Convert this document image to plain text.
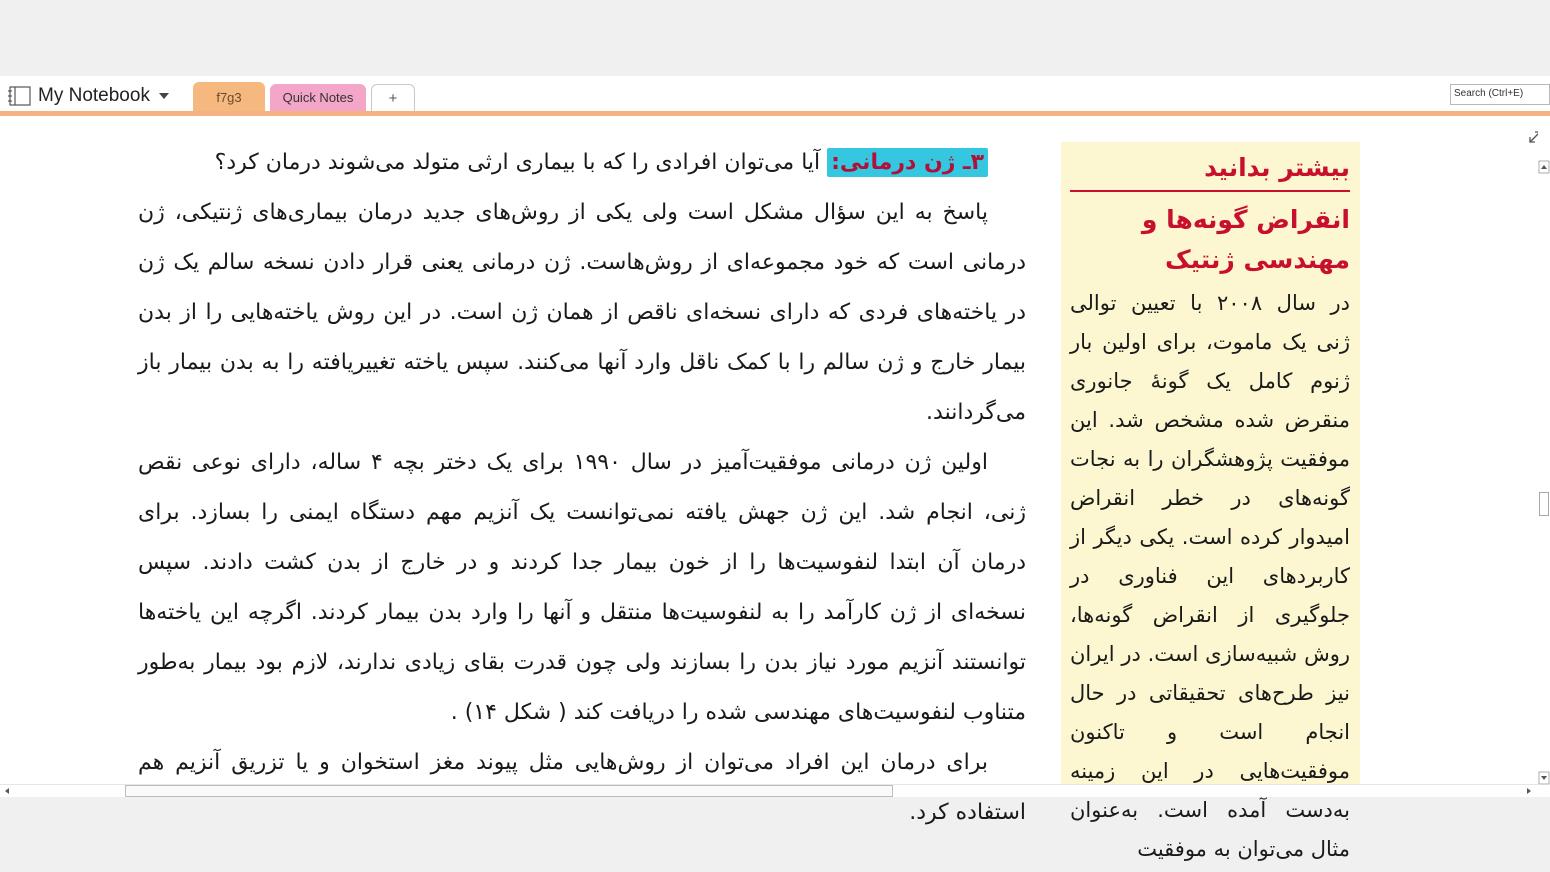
My Notebook	f7g3	Quick Notes	+	Search (Ctrl+E)

۳ـ ژن درمانی: آیا می‌توان افرادی را که با بیماری ارثی متولد می‌شوند درمان کرد؟

پاسخ به این سؤال مشکل است ولی یکی از روش‌های جدید درمان بیماری‌های ژنتیکی، ژن درمانی است که خود مجموعه‌ای از روش‌هاست. ژن درمانی یعنی قرار دادن نسخه سالم یک ژن در یاخته‌های فردی که دارای نسخه‌ای ناقص از همان ژن است. در این روش یاخته‌هایی را از بدن بیمار خارج و ژن سالم را با کمک ناقل وارد آنها می‌کنند. سپس یاخته تغییریافته را به بدن بیمار باز می‌گردانند.

اولین ژن درمانی موفقیت‌آمیز در سال ۱۹۹۰ برای یک دختر بچه ۴ ساله، دارای نوعی نقص ژنی، انجام شد. این ژن جهش یافته نمی‌توانست یک آنزیم مهم دستگاه ایمنی را بسازد. برای درمان آن ابتدا لنفوسیت‌ها را از خون بیمار جدا کردند و در خارج از بدن کشت دادند. سپس نسخه‌ای از ژن کارآمد را به لنفوسیت‌ها منتقل و آنها را وارد بدن بیمار کردند. اگرچه این یاخته‌ها توانستند آنزیم مورد نیاز بدن را بسازند ولی چون قدرت بقای زیادی ندارند، لازم بود بیمار به‌طور متناوب لنفوسیت‌های مهندسی شده را دریافت کند ( شکل ۱۴) .

برای درمان این افراد می‌توان از روش‌هایی مثل پیوند مغز استخوان و یا تزریق آنزیم هم استفاده کرد.

بیشتر بدانید
انقراض گونه‌ها و مهندسی ژنتیک
در سال ۲۰۰۸ با تعیین توالی ژنی یک ماموت، برای اولین بار ژنوم کامل یک گونهٔ جانوری منقرض شده مشخص شد. این موفقیت پژوهشگران را به نجات گونه‌های در خطر انقراض امیدوار کرده است. یکی دیگر از کاربردهای این فناوری در جلوگیری از انقراض گونه‌ها، روش شبیه‌سازی است. در ایران نیز طرح‌های تحقیقاتی در حال انجام است و تاکنون موفقیت‌هایی در این زمینه به‌دست آمده است. به‌عنوان مثال می‌توان به موفقیت
